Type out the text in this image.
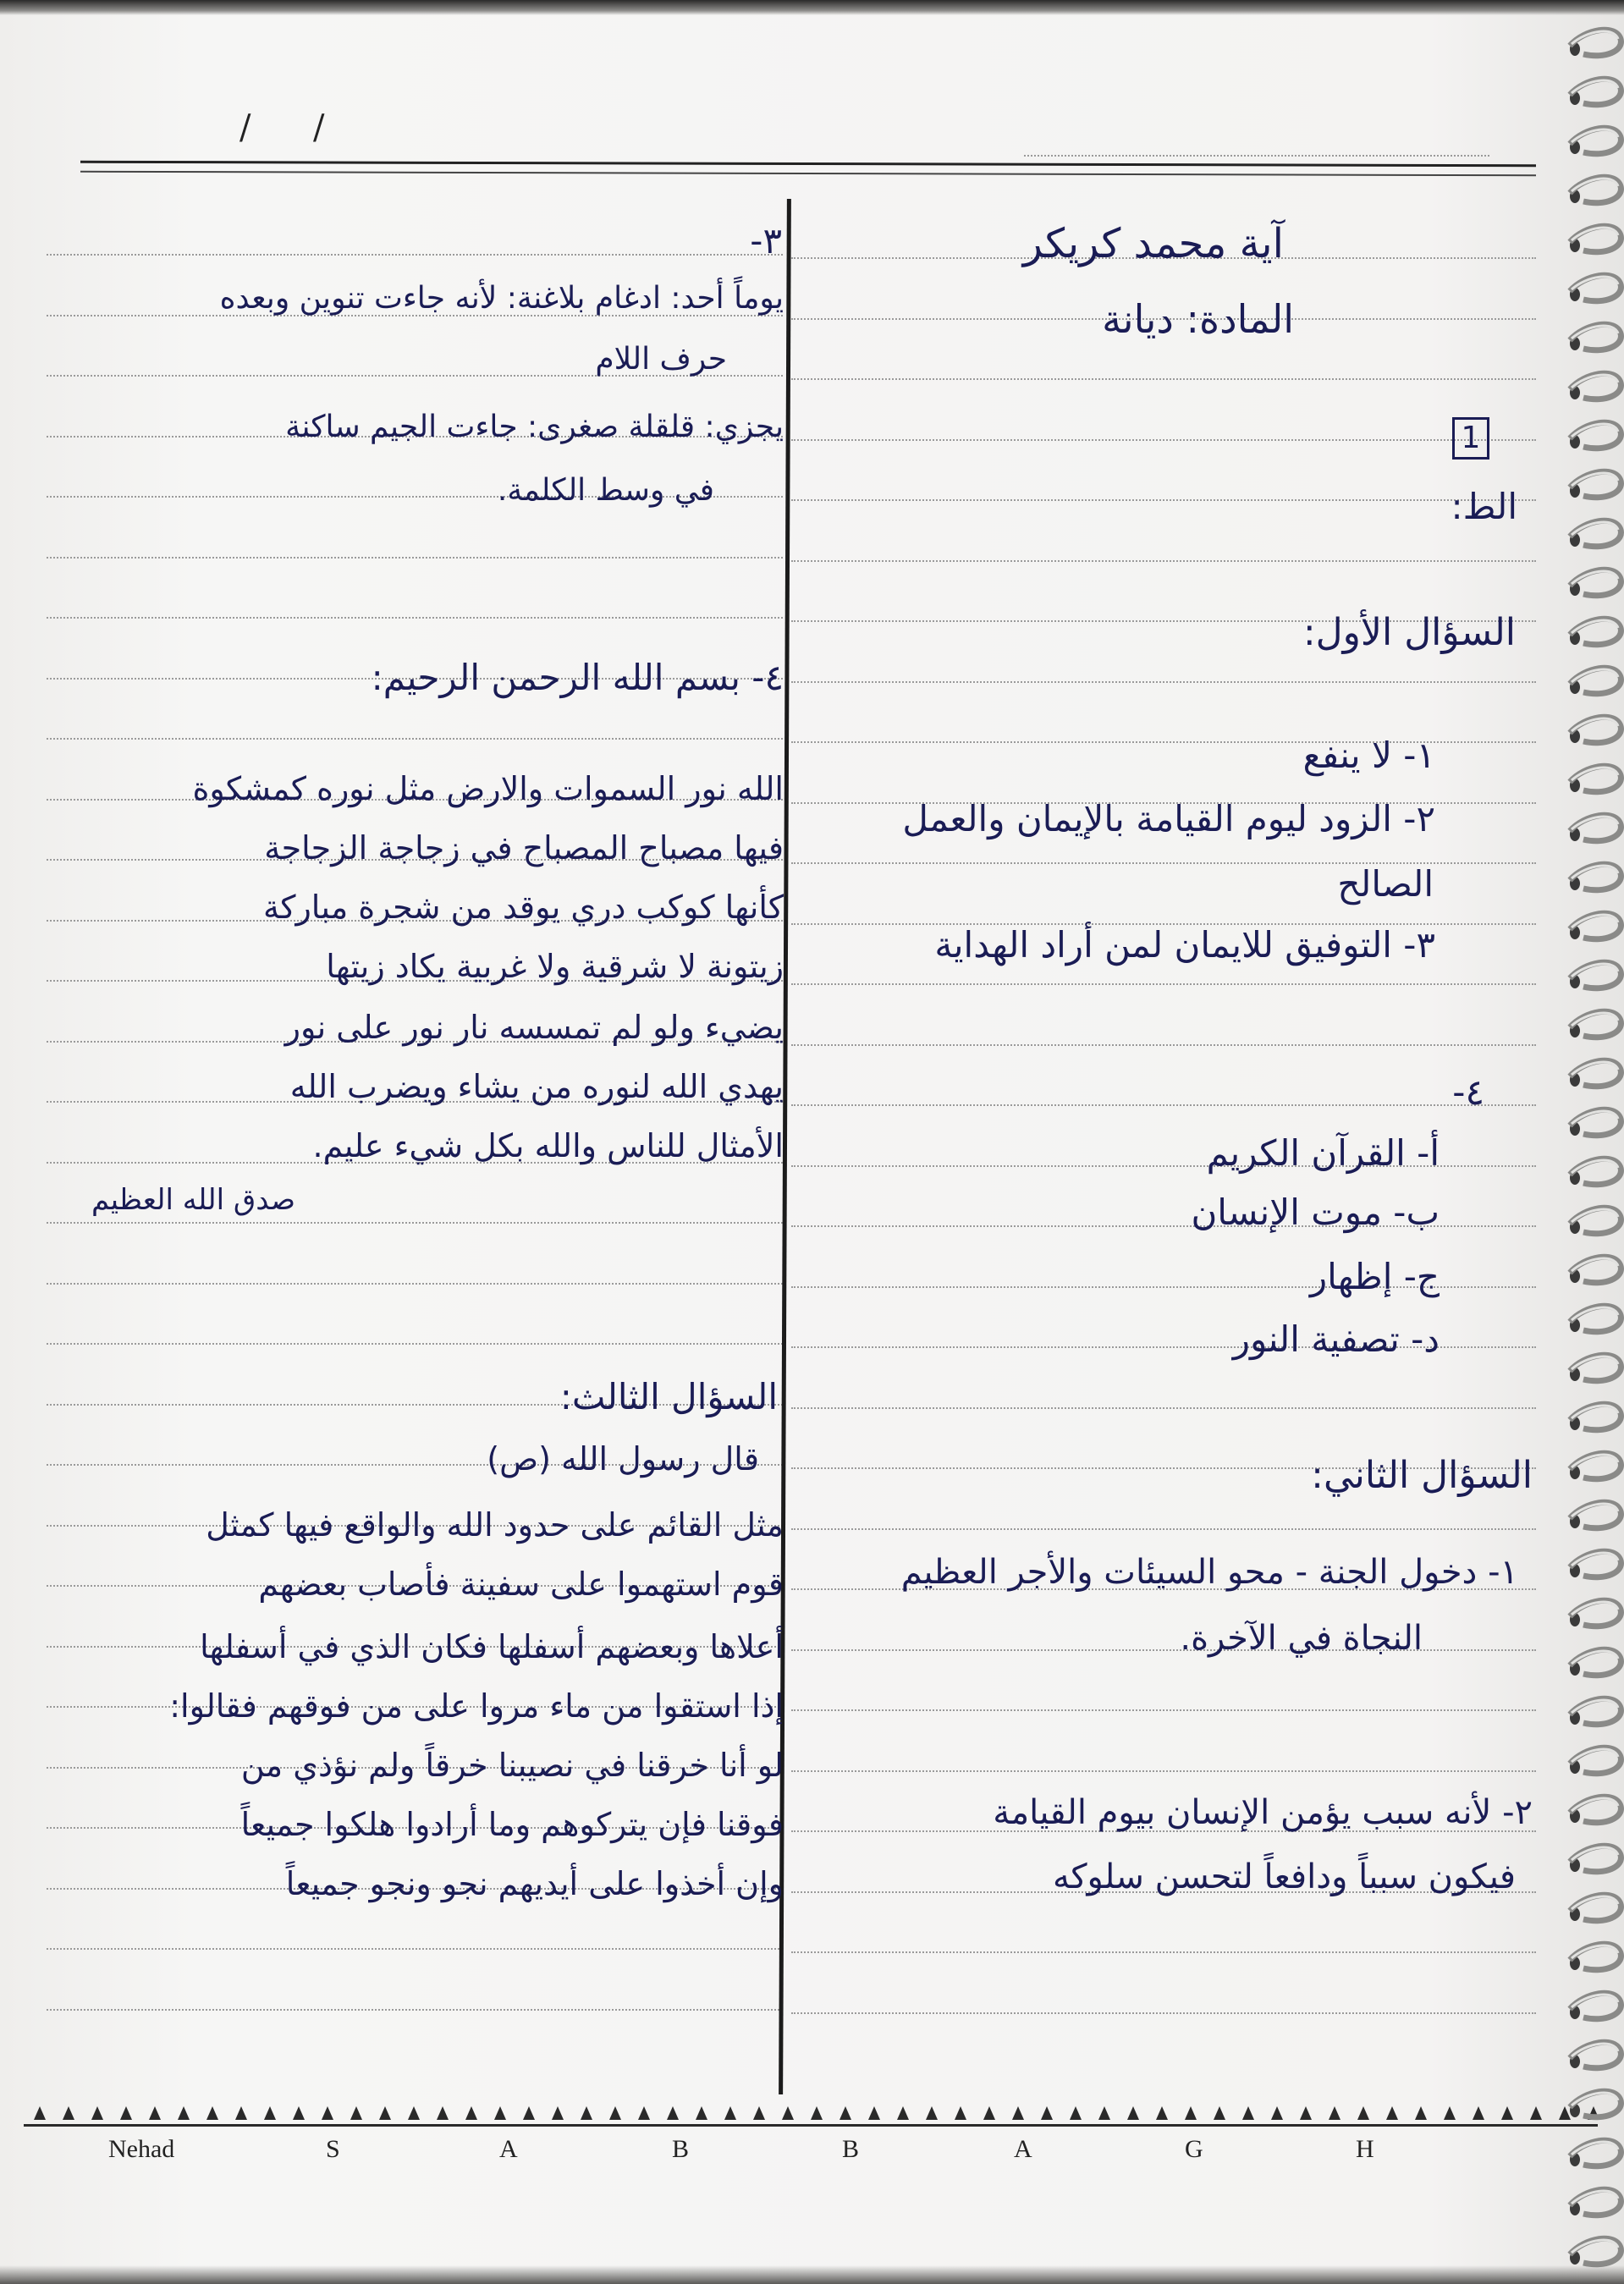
/ /
آية محمد كريكر
المادة: ديانة
1
الط:
السؤال الأول:
١- لا ينفع
٢- الزود ليوم القيامة بالإيمان والعمل
الصالح
٣- التوفيق للايمان لمن أراد الهداية
٤-
أ- القرآن الكريم
ب- موت الإنسان
ج- إظهار
د- تصفية النور
السؤال الثاني:
١- دخول الجنة - محو السيئات والأجر العظيم
النجاة في الآخرة.
٢- لأنه سبب يؤمن الإنسان بيوم القيامة
فيكون سبباً ودافعاً لتحسن سلوكه
٣-
يوماً أحد: ادغام بلاغنة: لأنه جاءت تنوين وبعده
حرف اللام
يجزي: قلقلة صغرى: جاءت الجيم ساكنة
في وسط الكلمة.
٤- بسم الله الرحمن الرحيم:
الله نور السموات والارض مثل نوره كمشكوة
فيها مصباح المصباح في زجاجة الزجاجة
كأنها كوكب دري يوقد من شجرة مباركة
زيتونة لا شرقية ولا غربية يكاد زيتها
يضيء ولو لم تمسسه نار نور على نور
يهدي الله لنوره من يشاء ويضرب الله
الأمثال للناس والله بكل شيء عليم.
صدق الله العظيم
السؤال الثالث:
قال رسول الله (ص)
مثل القائم على حدود الله والواقع فيها كمثل
قوم استهموا على سفينة فأصاب بعضهم
أعلاها وبعضهم أسفلها فكان الذي في أسفلها
إذا استقوا من ماء مروا على من فوقهم فقالوا:
لو أنا خرقنا في نصيبنا خرقاً ولم نؤذي من
فوقنا فإن يتركوهم وما أرادوا هلكوا جميعاً
وإن أخذوا على أيديهم نجو ونجو جميعاً
Nehad	S	A	B	B	A	G	H
